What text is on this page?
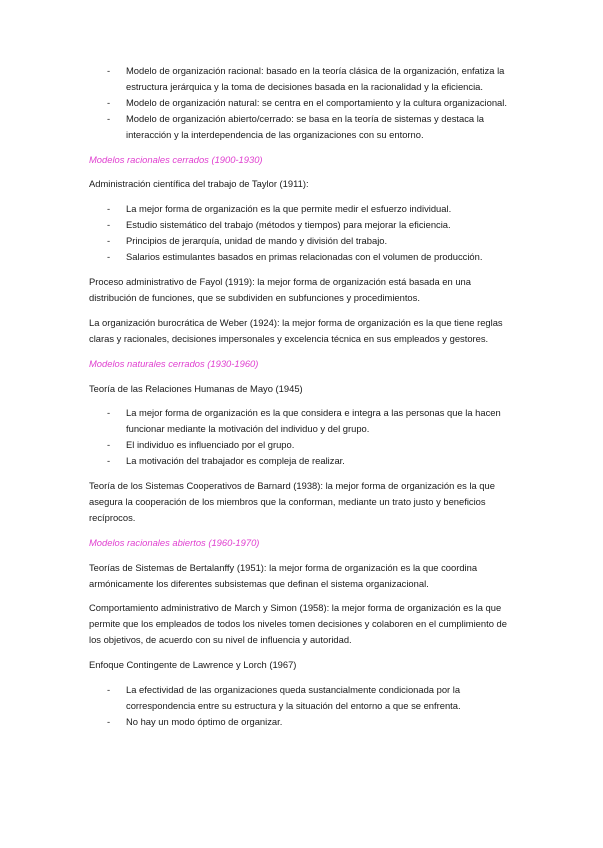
- Modelo de organización racional: basado en la teoría clásica de la organización, enfatiza la estructura jerárquica y la toma de decisiones basada en la racionalidad y la eficiencia.
- Modelo de organización natural: se centra en el comportamiento y la cultura organizacional.
- Modelo de organización abierto/cerrado: se basa en la teoría de sistemas y destaca la interacción y la interdependencia de las organizaciones con su entorno.
Modelos racionales cerrados (1900-1930)

Administración científica del trabajo de Taylor (1911):

- La mejor forma de organización es la que permite medir el esfuerzo individual.
- Estudio sistemático del trabajo (métodos y tiempos) para mejorar la eficiencia.
- Principios de jerarquía, unidad de mando y división del trabajo.
- Salarios estimulantes basados en primas relacionadas con el volumen de producción.

Proceso administrativo de Fayol (1919): la mejor forma de organización está basada en una distribución de funciones, que se subdividen en subfunciones y procedimientos.

La organización burocrática de Weber (1924): la mejor forma de organización es la que tiene reglas claras y racionales, decisiones impersonales y excelencia técnica en sus empleados y gestores.

Modelos naturales cerrados (1930-1960)

Teoría de las Relaciones Humanas de Mayo (1945)

- La mejor forma de organización es la que considera e integra a las personas que la hacen funcionar mediante la motivación del individuo y del grupo.
- El individuo es influenciado por el grupo.
- La motivación del trabajador es compleja de realizar.

Teoría de los Sistemas Cooperativos de Barnard (1938): la mejor forma de organización es la que asegura la cooperación de los miembros que la conforman, mediante un trato justo y beneficios recíprocos.

Modelos racionales abiertos (1960-1970)

Teorías de Sistemas de Bertalanffy (1951): la mejor forma de organización es la que coordina armónicamente los diferentes subsistemas que definan el sistema organizacional.

Comportamiento administrativo de March y Simon (1958): la mejor forma de organización es la que permite que los empleados de todos los niveles tomen decisiones y colaboren en el cumplimiento de los objetivos, de acuerdo con su nivel de influencia y autoridad.

Enfoque Contingente de Lawrence y Lorch (1967)

- La efectividad de las organizaciones queda sustancialmente condicionada por la correspondencia entre su estructura y la situación del entorno a que se enfrenta.
- No hay un modo óptimo de organizar.
